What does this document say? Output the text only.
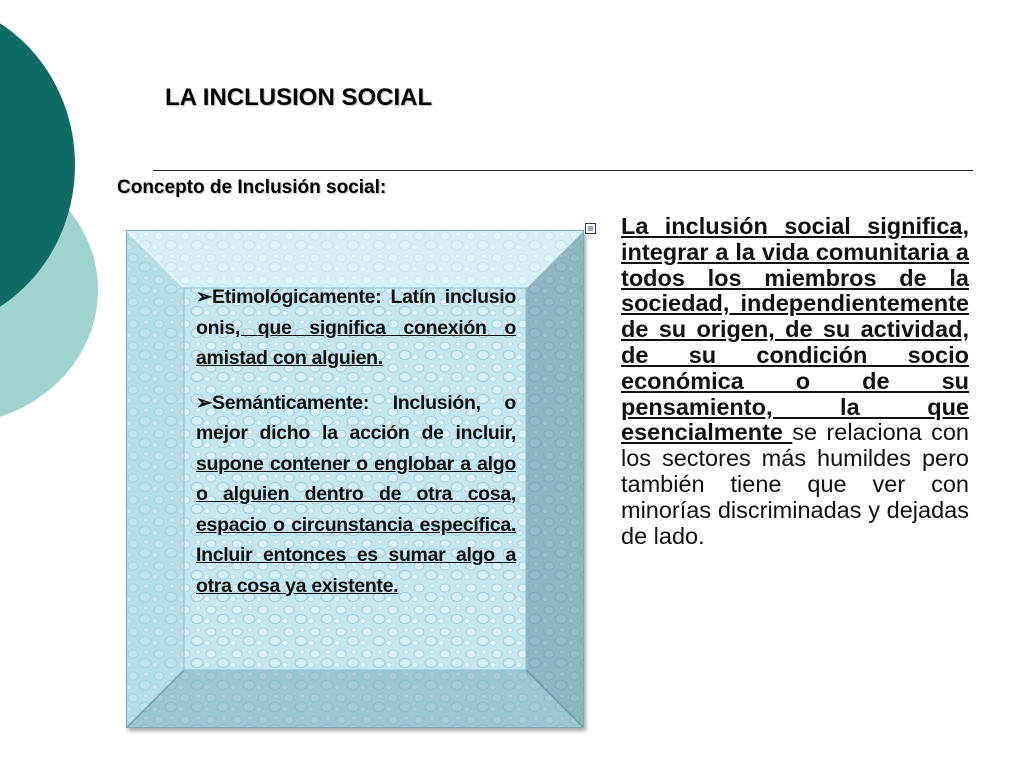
LA INCLUSION SOCIAL
Concepto de Inclusión social:

➢Etimológicamente: Latín inclusio onis, que significa conexión o amistad con alguien.

➢Semánticamente: Inclusión, o mejor dicho la acción de incluir, supone contener o englobar a algo o alguien dentro de otra cosa, espacio o circunstancia específica. Incluir entonces es sumar algo a otra cosa ya existente.

La inclusión social significa, integrar a la vida comunitaria a todos los miembros de la sociedad, independientemente de su origen, de su actividad, de su condición socio económica o de su pensamiento, la que esencialmente se relaciona con los sectores más humildes pero también tiene que ver con minorías discriminadas y dejadas de lado.
